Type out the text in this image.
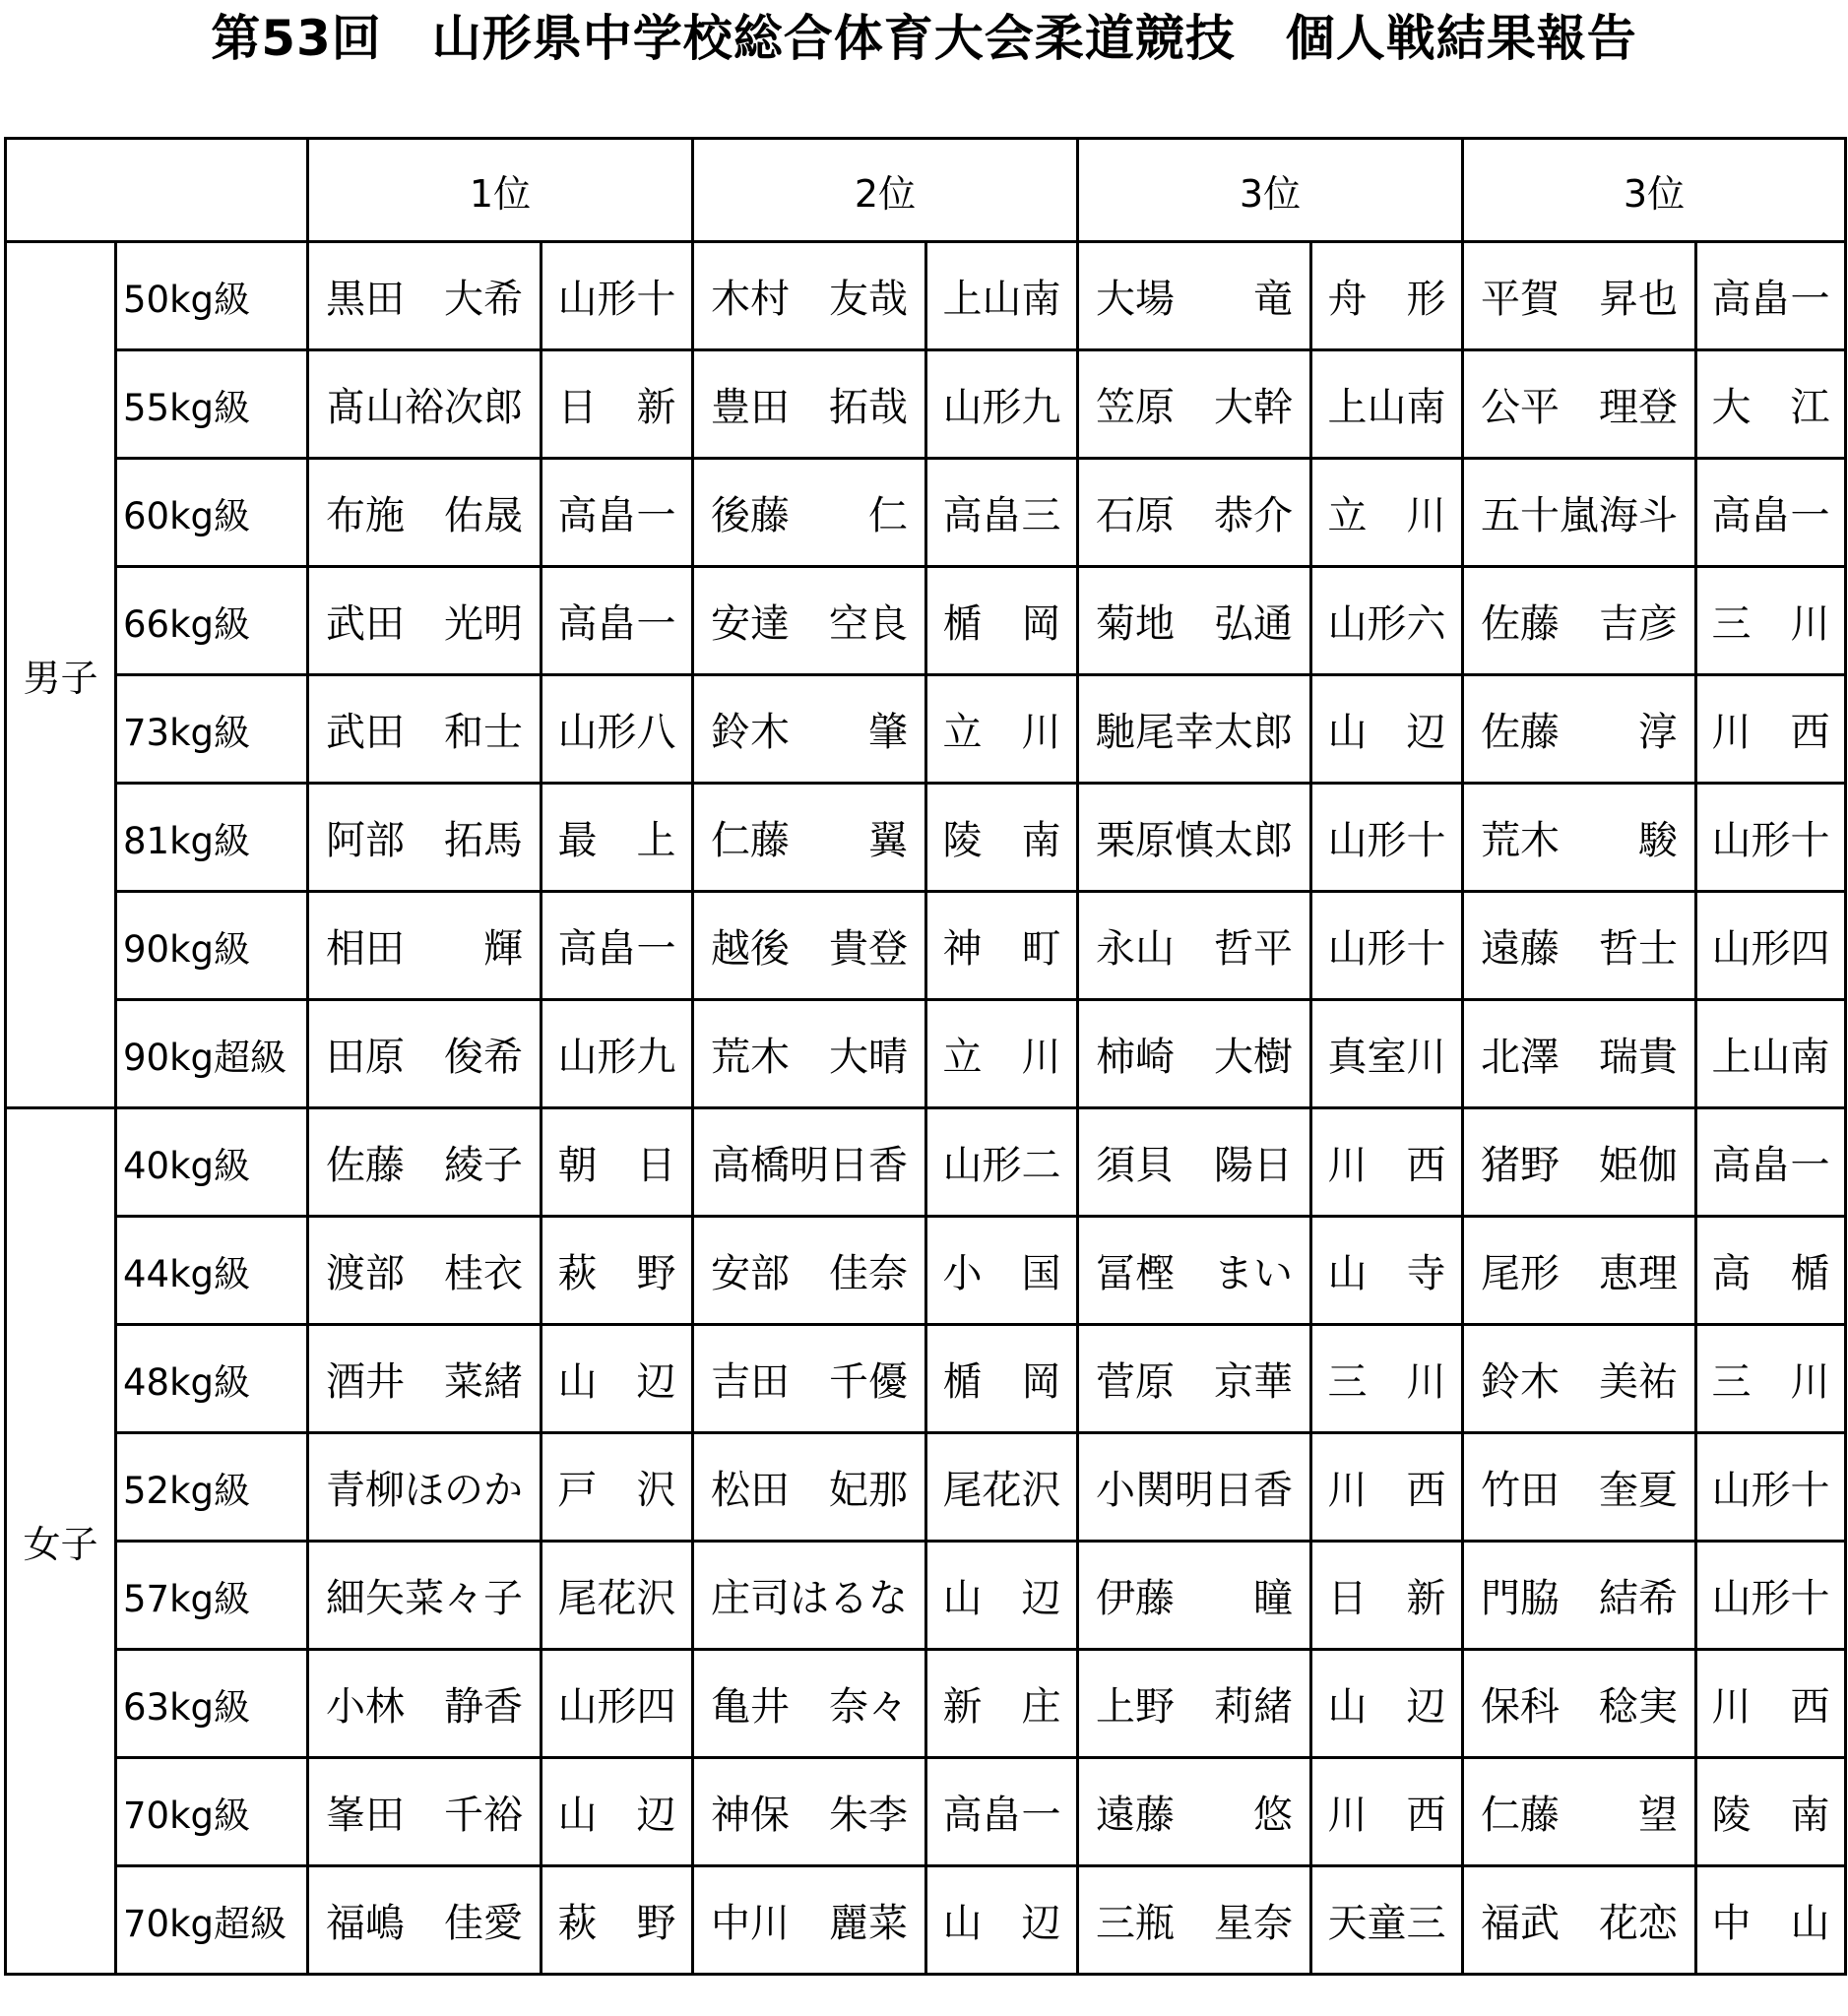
第53回　山形県中学校総合体育大会柔道競技　個人戦結果報告
		1位		2位		3位		3位	
男子	50kg級	黒田　大希	山形十	木村　友哉	上山南	大場　　竜	舟　形	平賀　昇也	高畠一
	55kg級	髙山裕次郎	日　新	豊田　拓哉	山形九	笠原　大幹	上山南	公平　理登	大　江
	60kg級	布施　佑晟	高畠一	後藤　　仁	高畠三	石原　恭介	立　川	五十嵐海斗	高畠一
	66kg級	武田　光明	高畠一	安達　空良	楯　岡	菊地　弘通	山形六	佐藤　吉彦	三　川
	73kg級	武田　和士	山形八	鈴木　　肇	立　川	馳尾幸太郎	山　辺	佐藤　　淳	川　西
	81kg級	阿部　拓馬	最　上	仁藤　　翼	陵　南	栗原慎太郎	山形十	荒木　　駿	山形十
	90kg級	相田　　輝	高畠一	越後　貴登	神　町	永山　哲平	山形十	遠藤　哲士	山形四
	90kg超級	田原　俊希	山形九	荒木　大晴	立　川	柿崎　大樹	真室川	北澤　瑞貴	上山南
女子	40kg級	佐藤　綾子	朝　日	高橋明日香	山形二	須貝　陽日	川　西	猪野　姫伽	高畠一
	44kg級	渡部　桂衣	萩　野	安部　佳奈	小　国	冨樫　まい	山　寺	尾形　恵理	高　楯
	48kg級	酒井　菜緒	山　辺	吉田　千優	楯　岡	菅原　京華	三　川	鈴木　美祐	三　川
	52kg級	青柳ほのか	戸　沢	松田　妃那	尾花沢	小関明日香	川　西	竹田　奎夏	山形十
	57kg級	細矢菜々子	尾花沢	庄司はるな	山　辺	伊藤　　瞳	日　新	門脇　結希	山形十
	63kg級	小林　静香	山形四	亀井　奈々	新　庄	上野　莉緒	山　辺	保科　稔実	川　西
	70kg級	峯田　千裕	山　辺	神保　朱李	高畠一	遠藤　　悠	川　西	仁藤　　望	陵　南
	70kg超級	福嶋　佳愛	萩　野	中川　麗菜	山　辺	三瓶　星奈	天童三	福武　花恋	中　山
